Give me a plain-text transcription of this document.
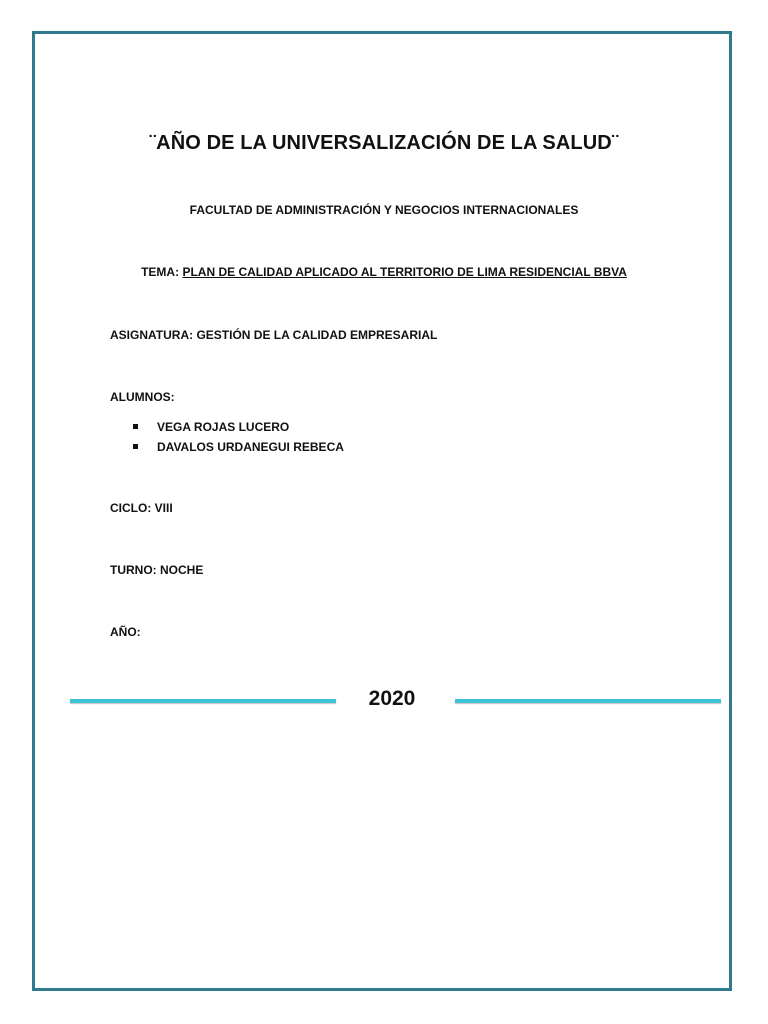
¨AÑO DE LA UNIVERSALIZACIÓN DE LA SALUD¨
FACULTAD DE ADMINISTRACIÓN Y NEGOCIOS INTERNACIONALES
TEMA: PLAN DE CALIDAD APLICADO AL TERRITORIO DE LIMA RESIDENCIAL BBVA
ASIGNATURA: GESTIÓN DE LA CALIDAD EMPRESARIAL
ALUMNOS:
VEGA ROJAS LUCERO
DAVALOS URDANEGUI REBECA
CICLO: VIII
TURNO: NOCHE
AÑO:
2020
